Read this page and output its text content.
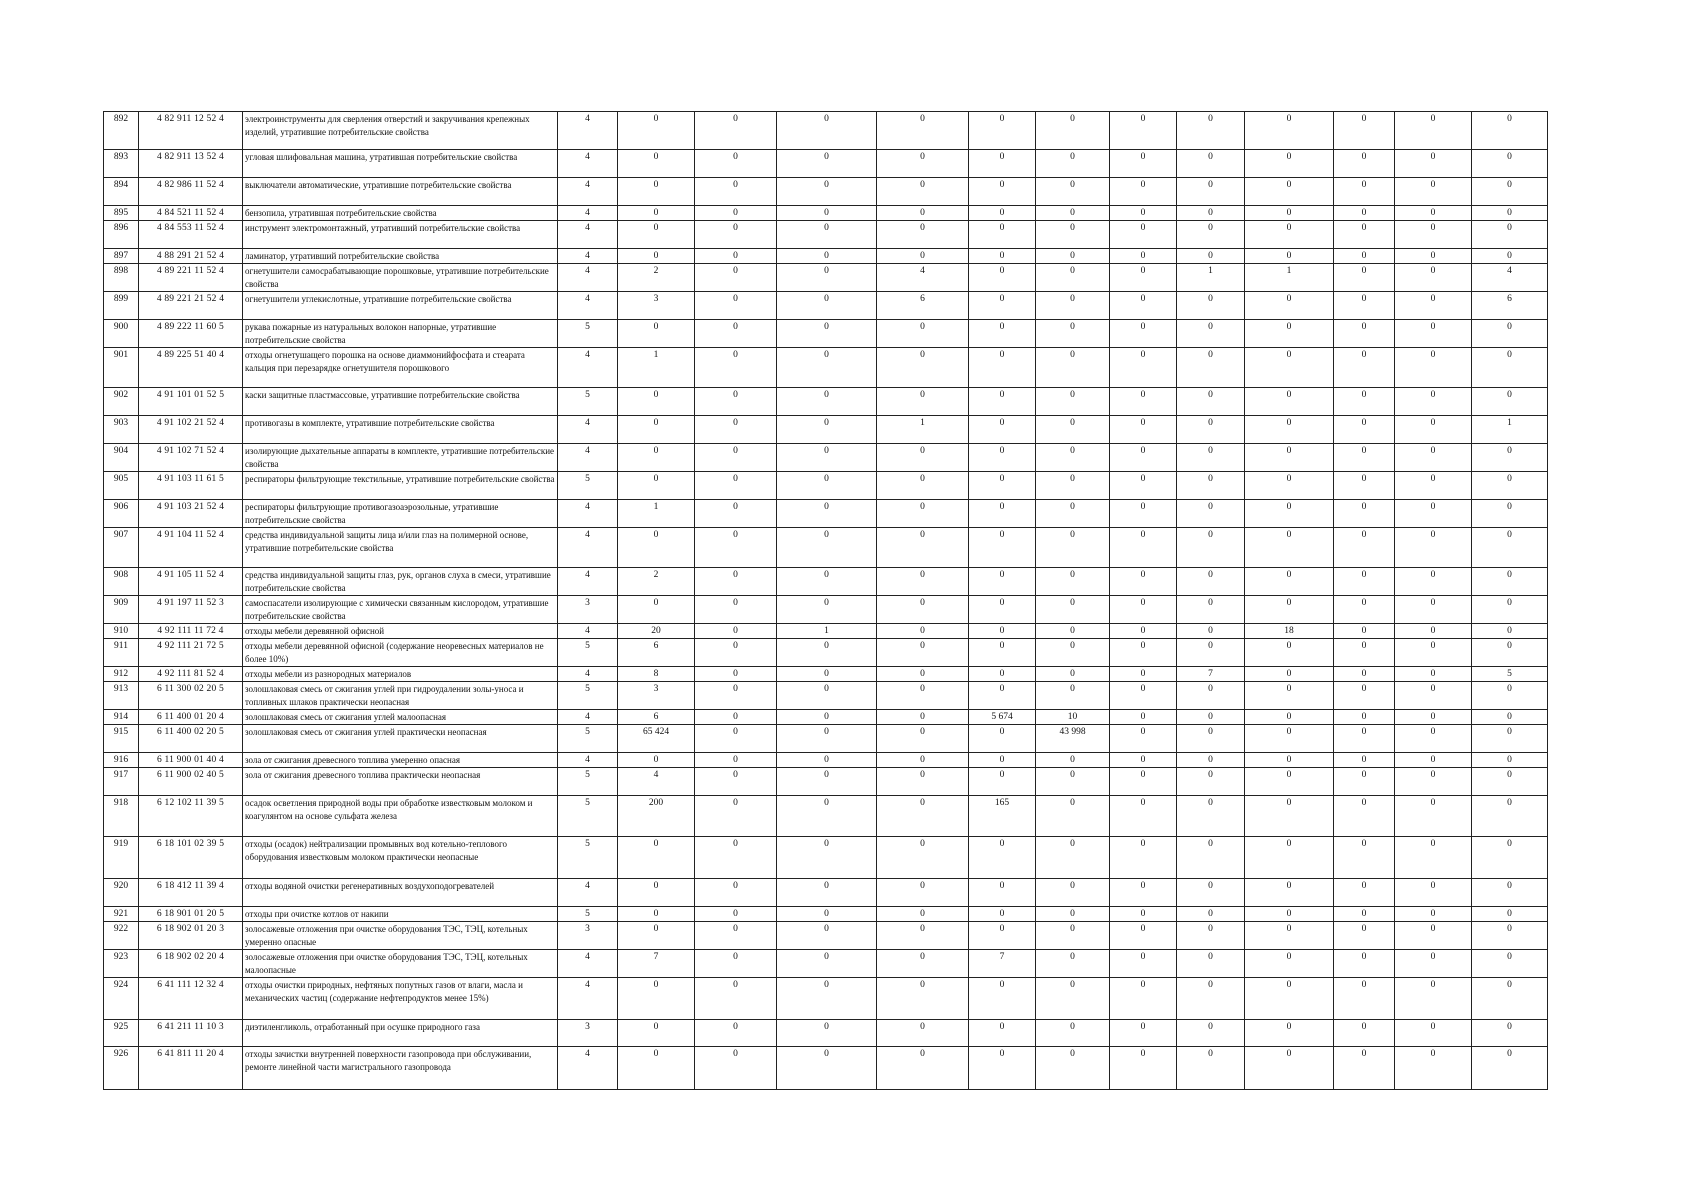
892	4 82 911 12 52 4	электроинструменты для сверления отверстий и закручивания крепежных изделий, утратившие потребительские свойства	4	0	0	0	0	0	0	0	0	0	0	0	0
893	4 82 911 13 52 4	угловая шлифовальная машина, утратившая потребительские свойства	4	0	0	0	0	0	0	0	0	0	0	0	0
894	4 82 986 11 52 4	выключатели автоматические, утратившие потребительские свойства	4	0	0	0	0	0	0	0	0	0	0	0	0
895	4 84 521 11 52 4	бензопила, утратившая потребительские свойства	4	0	0	0	0	0	0	0	0	0	0	0	0
896	4 84 553 11 52 4	инструмент электромонтажный, утративший потребительские свойства	4	0	0	0	0	0	0	0	0	0	0	0	0
897	4 88 291 21 52 4	ламинатор, утративший потребительские свойства	4	0	0	0	0	0	0	0	0	0	0	0	0
898	4 89 221 11 52 4	огнетушители самосрабатывающие порошковые, утратившие потребительские свойства	4	2	0	0	4	0	0	0	1	1	0	0	4
899	4 89 221 21 52 4	огнетушители углекислотные, утратившие потребительские свойства	4	3	0	0	6	0	0	0	0	0	0	0	6
900	4 89 222 11 60 5	рукава пожарные из натуральных волокон напорные, утратившие потребительские свойства	5	0	0	0	0	0	0	0	0	0	0	0	0
901	4 89 225 51 40 4	отходы огнетушащего порошка на основе диаммонийфосфата и стеарата кальция при перезарядке огнетушителя порошкового	4	1	0	0	0	0	0	0	0	0	0	0	0
902	4 91 101 01 52 5	каски защитные пластмассовые, утратившие потребительские свойства	5	0	0	0	0	0	0	0	0	0	0	0	0
903	4 91 102 21 52 4	противогазы в комплекте, утратившие потребительские свойства	4	0	0	0	1	0	0	0	0	0	0	0	1
904	4 91 102 71 52 4	изолирующие дыхательные аппараты в комплекте, утратившие потребительские свойства	4	0	0	0	0	0	0	0	0	0	0	0	0
905	4 91 103 11 61 5	респираторы фильтрующие текстильные, утратившие потребительские свойства	5	0	0	0	0	0	0	0	0	0	0	0	0
906	4 91 103 21 52 4	респираторы фильтрующие противогазоаэрозольные, утратившие потребительские свойства	4	1	0	0	0	0	0	0	0	0	0	0	0
907	4 91 104 11 52 4	средства индивидуальной защиты лица и/или глаз на полимерной основе, утратившие потребительские свойства	4	0	0	0	0	0	0	0	0	0	0	0	0
908	4 91 105 11 52 4	средства индивидуальной защиты глаз, рук, органов слуха в смеси, утратившие потребительские свойства	4	2	0	0	0	0	0	0	0	0	0	0	0
909	4 91 197 11 52 3	самоспасатели изолирующие с химически связанным кислородом, утратившие потребительские свойства	3	0	0	0	0	0	0	0	0	0	0	0	0
910	4 92 111 11 72 4	отходы мебели деревянной офисной	4	20	0	1	0	0	0	0	0	18	0	0	0
911	4 92 111 21 72 5	отходы мебели деревянной офисной (содержание неоревесных материалов не более 10%)	5	6	0	0	0	0	0	0	0	0	0	0	0
912	4 92 111 81 52 4	отходы мебели из разнородных материалов	4	8	0	0	0	0	0	0	7	0	0	0	5
913	6 11 300 02 20 5	золошлаковая смесь от сжигания углей при гидроудалении золы-уноса и топливных шлаков практически неопасная	5	3	0	0	0	0	0	0	0	0	0	0	0
914	6 11 400 01 20 4	золошлаковая смесь от сжигания углей малоопасная	4	6	0	0	0	5 674	10	0	0	0	0	0	0
915	6 11 400 02 20 5	золошлаковая смесь от сжигания углей практически неопасная	5	65 424	0	0	0	0	43 998	0	0	0	0	0	0
916	6 11 900 01 40 4	зола от сжигания древесного топлива умеренно опасная	4	0	0	0	0	0	0	0	0	0	0	0	0
917	6 11 900 02 40 5	зола от сжигания древесного топлива практически неопасная	5	4	0	0	0	0	0	0	0	0	0	0	0
918	6 12 102 11 39 5	осадок осветления природной воды при обработке известковым молоком и коагулянтом на основе сульфата железа	5	200	0	0	0	165	0	0	0	0	0	0	0
919	6 18 101 02 39 5	отходы (осадок) нейтрализации промывных вод котельно-теплового оборудования известковым молоком практически неопасные	5	0	0	0	0	0	0	0	0	0	0	0	0
920	6 18 412 11 39 4	отходы водяной очистки регенеративных воздухоподогревателей	4	0	0	0	0	0	0	0	0	0	0	0	0
921	6 18 901 01 20 5	отходы при очистке котлов от накипи	5	0	0	0	0	0	0	0	0	0	0	0	0
922	6 18 902 01 20 3	золосажевые отложения при очистке оборудования ТЭС, ТЭЦ, котельных умеренно опасные	3	0	0	0	0	0	0	0	0	0	0	0	0
923	6 18 902 02 20 4	золосажевые отложения при очистке оборудования ТЭС, ТЭЦ, котельных малоопасные	4	7	0	0	0	7	0	0	0	0	0	0	0
924	6 41 111 12 32 4	отходы очистки природных, нефтяных попутных газов от влаги, масла и механических частиц (содержание нефтепродуктов менее 15%)	4	0	0	0	0	0	0	0	0	0	0	0	0
925	6 41 211 11 10 3	диэтиленгликоль, отработанный при осушке природного газа	3	0	0	0	0	0	0	0	0	0	0	0	0
926	6 41 811 11 20 4	отходы зачистки внутренней поверхности газопровода при обслуживании, ремонте линейной части магистрального газопровода	4	0	0	0	0	0	0	0	0	0	0	0	0
